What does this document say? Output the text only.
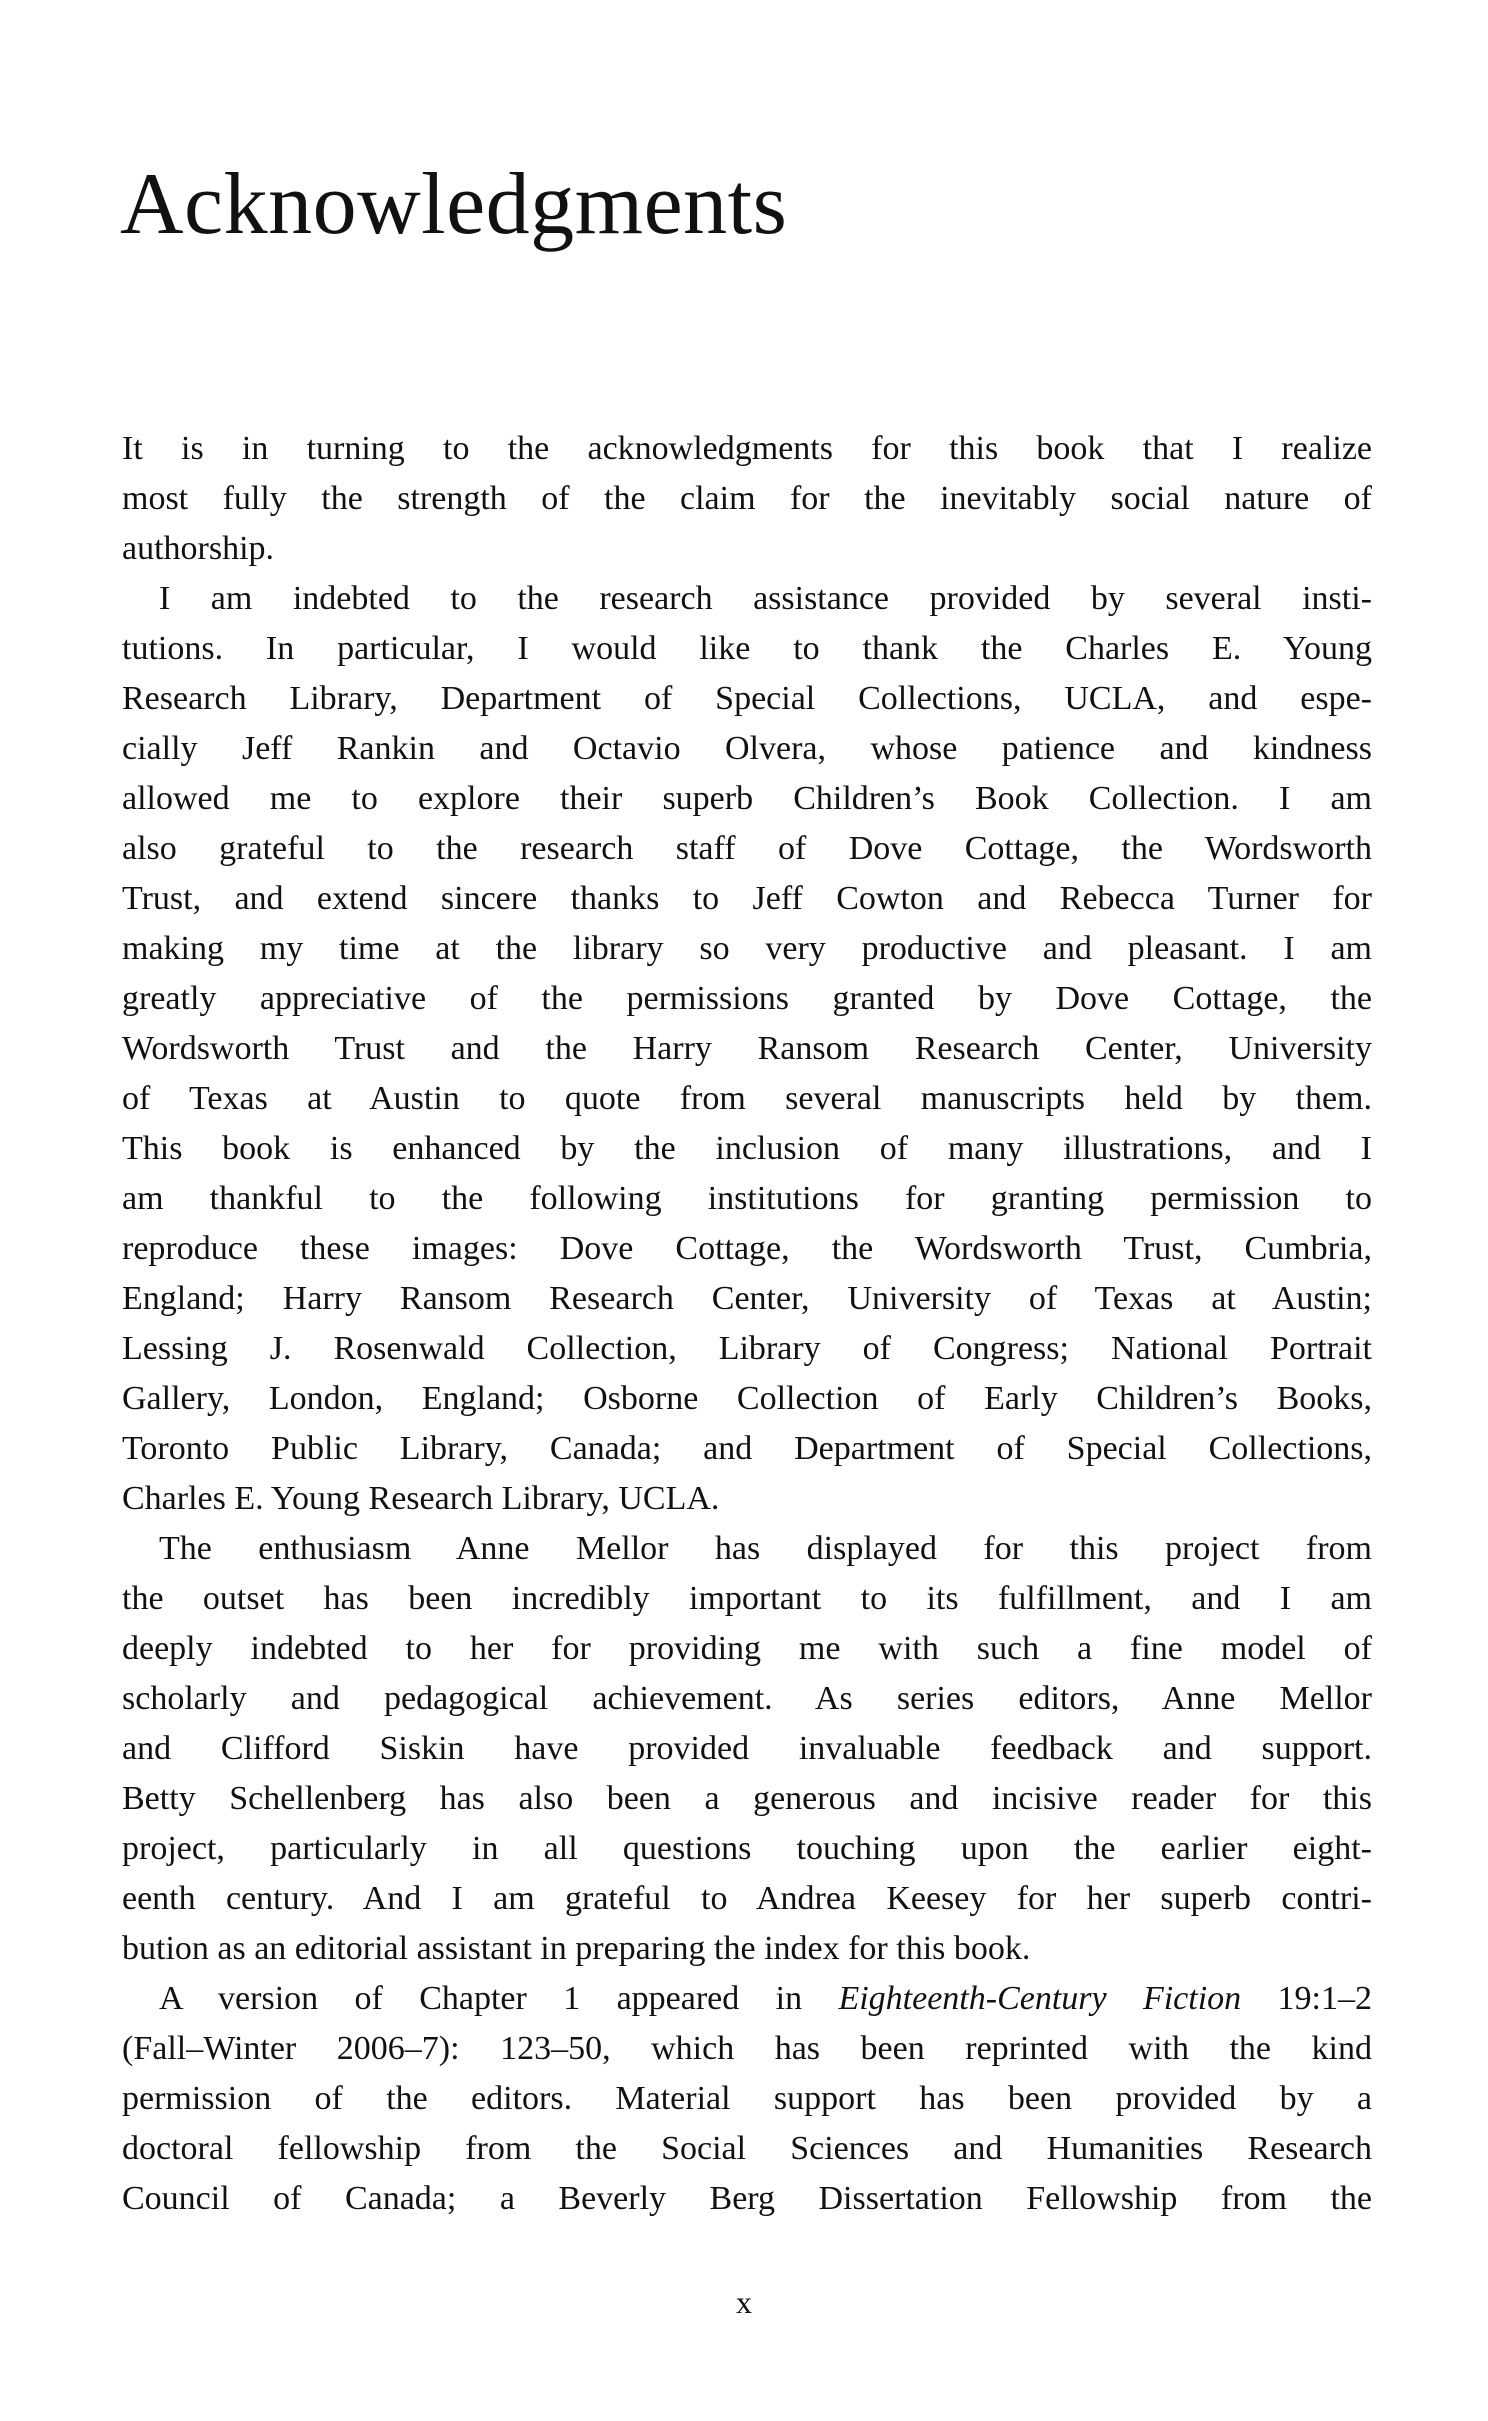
Acknowledgments
It is in turning to the acknowledgments for this book that I realize
most fully the strength of the claim for the inevitably social nature of
authorship.
I am indebted to the research assistance provided by several insti-
tutions. In particular, I would like to thank the Charles E. Young
Research Library, Department of Special Collections, UCLA, and espe-
cially Jeff Rankin and Octavio Olvera, whose patience and kindness
allowed me to explore their superb Children’s Book Collection. I am
also grateful to the research staff of Dove Cottage, the Wordsworth
Trust, and extend sincere thanks to Jeff Cowton and Rebecca Turner for
making my time at the library so very productive and pleasant. I am
greatly appreciative of the permissions granted by Dove Cottage, the
Wordsworth Trust and the Harry Ransom Research Center, University
of Texas at Austin to quote from several manuscripts held by them.
This book is enhanced by the inclusion of many illustrations, and I
am thankful to the following institutions for granting permission to
reproduce these images: Dove Cottage, the Wordsworth Trust, Cumbria,
England; Harry Ransom Research Center, University of Texas at Austin;
Lessing J. Rosenwald Collection, Library of Congress; National Portrait
Gallery, London, England; Osborne Collection of Early Children’s Books,
Toronto Public Library, Canada; and Department of Special Collections,
Charles E. Young Research Library, UCLA.
The enthusiasm Anne Mellor has displayed for this project from
the outset has been incredibly important to its fulfillment, and I am
deeply indebted to her for providing me with such a fine model of
scholarly and pedagogical achievement. As series editors, Anne Mellor
and Clifford Siskin have provided invaluable feedback and support.
Betty Schellenberg has also been a generous and incisive reader for this
project, particularly in all questions touching upon the earlier eight-
eenth century. And I am grateful to Andrea Keesey for her superb contri-
bution as an editorial assistant in preparing the index for this book.
A version of Chapter 1 appeared in Eighteenth-Century Fiction 19:1–2
(Fall–Winter 2006–7): 123–50, which has been reprinted with the kind
permission of the editors. Material support has been provided by a
doctoral fellowship from the Social Sciences and Humanities Research
Council of Canada; a Beverly Berg Dissertation Fellowship from the
x
